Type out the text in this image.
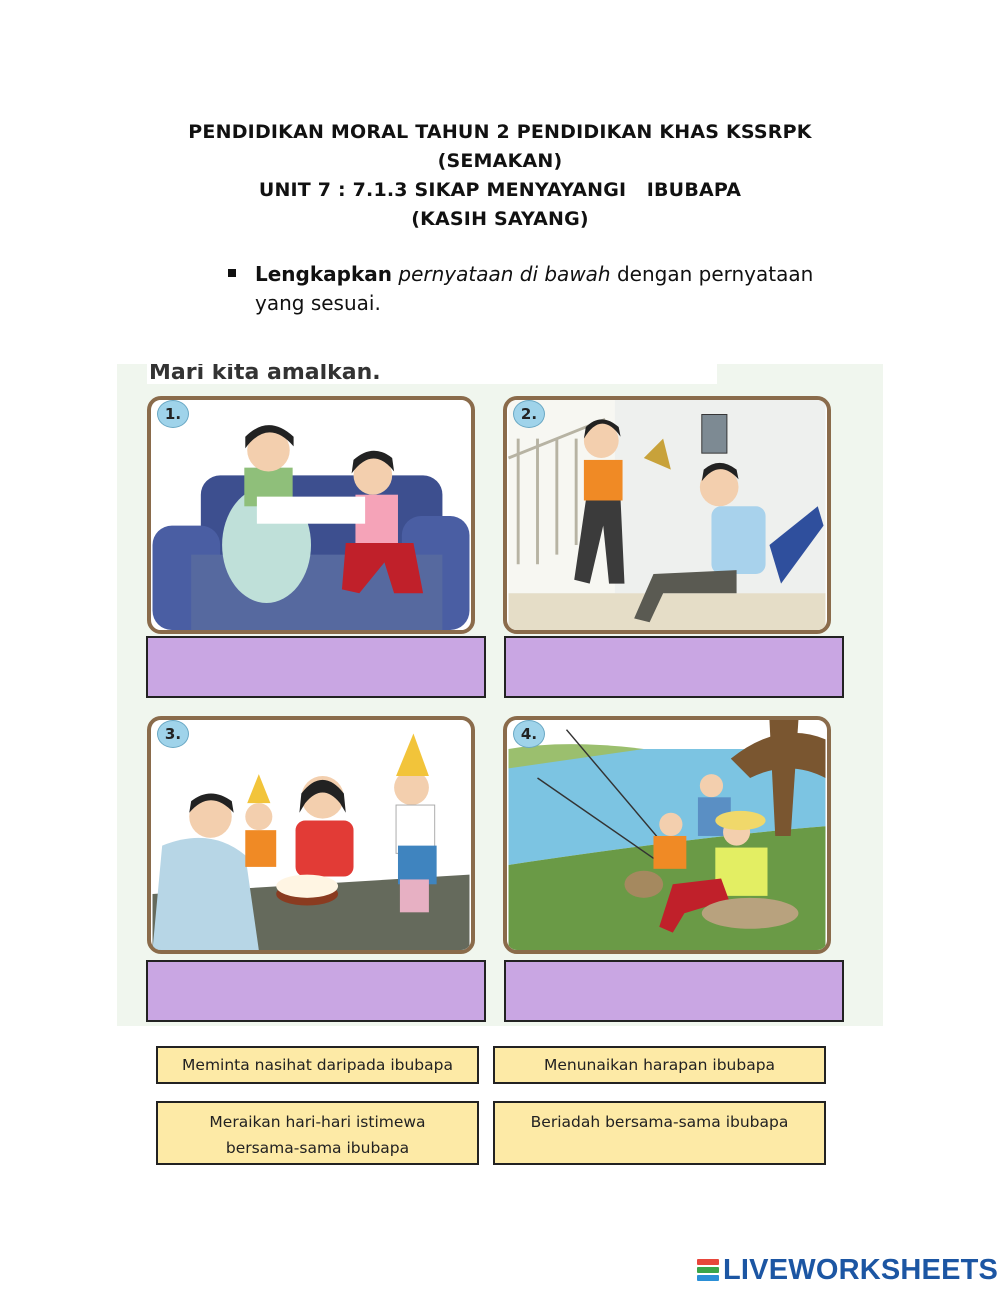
PENDIDIKAN MORAL TAHUN 2 PENDIDIKAN KHAS KSSRPK
(SEMAKAN)
UNIT 7 : 7.1.3 SIKAP MENYAYANGI   IBUBAPA
(KASIH SAYANG)

Lengkapkan pernyataan di bawah dengan pernyataan yang sesuai.

Mari kita amalkan.
1.	2.
3.	4.
Meminta nasihat daripada ibubapa	Menunaikan harapan ibubapa
Meraikan hari-hari istimewa
bersama-sama ibubapa
Beriadah bersama-sama ibubapa
LIVEWORKSHEETS
